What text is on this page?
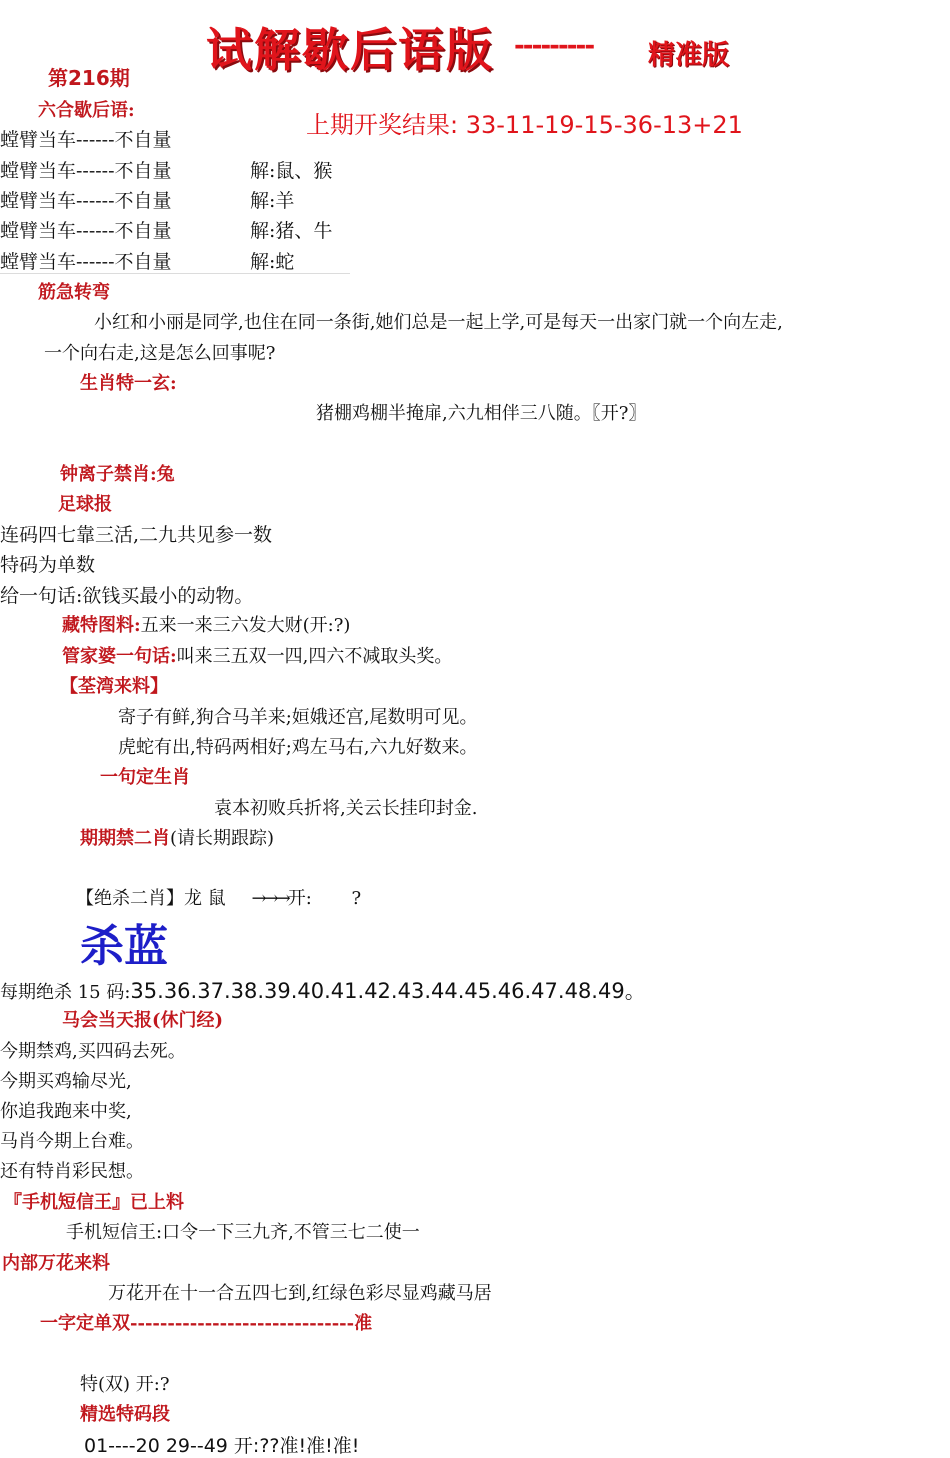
试解歇后语版 --------- 精准版
第216期
上期开奖结果: 33-11-19-15-36-13+21
六合歇后语:
螳臂当车------不自量
螳臂当车------不自量	解:鼠、猴
螳臂当车------不自量	解:羊
螳臂当车------不自量	解:猪、牛
螳臂当车------不自量	解:蛇
筋急转弯
小红和小丽是同学,也住在同一条街,她们总是一起上学,可是每天一出家门就一个向左走,
一个向右走,这是怎么回事呢?
生肖特一玄:
猪棚鸡棚半掩扉,六九相伴三八随。〖开?〗
钟离子禁肖:兔
足球报
连码四七靠三活,二九共见参一数
特码为单数
给一句话:欲钱买最小的动物。
藏特图料:五来一来三六发大财(开:?)
管家婆一句话:叫来三五双一四,四六不减取头奖。
【荃湾来料】
寄子有鲜,狗合马羊来;姮娥还宫,尾数明可见。
虎蛇有出,特码两相好;鸡左马右,六九好数来。
一句定生肖
袁本初败兵折将,关云长挂印封金.
期期禁二肖(请长期跟踪)
【绝杀二肖】龙 鼠 →→→开: ?
杀蓝
每期绝杀 15 码:35.36.37.38.39.40.41.42.43.44.45.46.47.48.49。
马会当天报(休门经)
今期禁鸡,买四码去死。
今期买鸡输尽光,
你追我跑来中奖,
马肖今期上台难。
还有特肖彩民想。
『手机短信王』已上料
手机短信王:口令一下三九齐,不管三七二使一
内部万花来料
万花开在十一合五四七到,红绿色彩尽显鸡藏马居
一字定单双------------------------------准
特(双) 开:?
精选特码段
01----20 29--49 开:??准!准!准!
